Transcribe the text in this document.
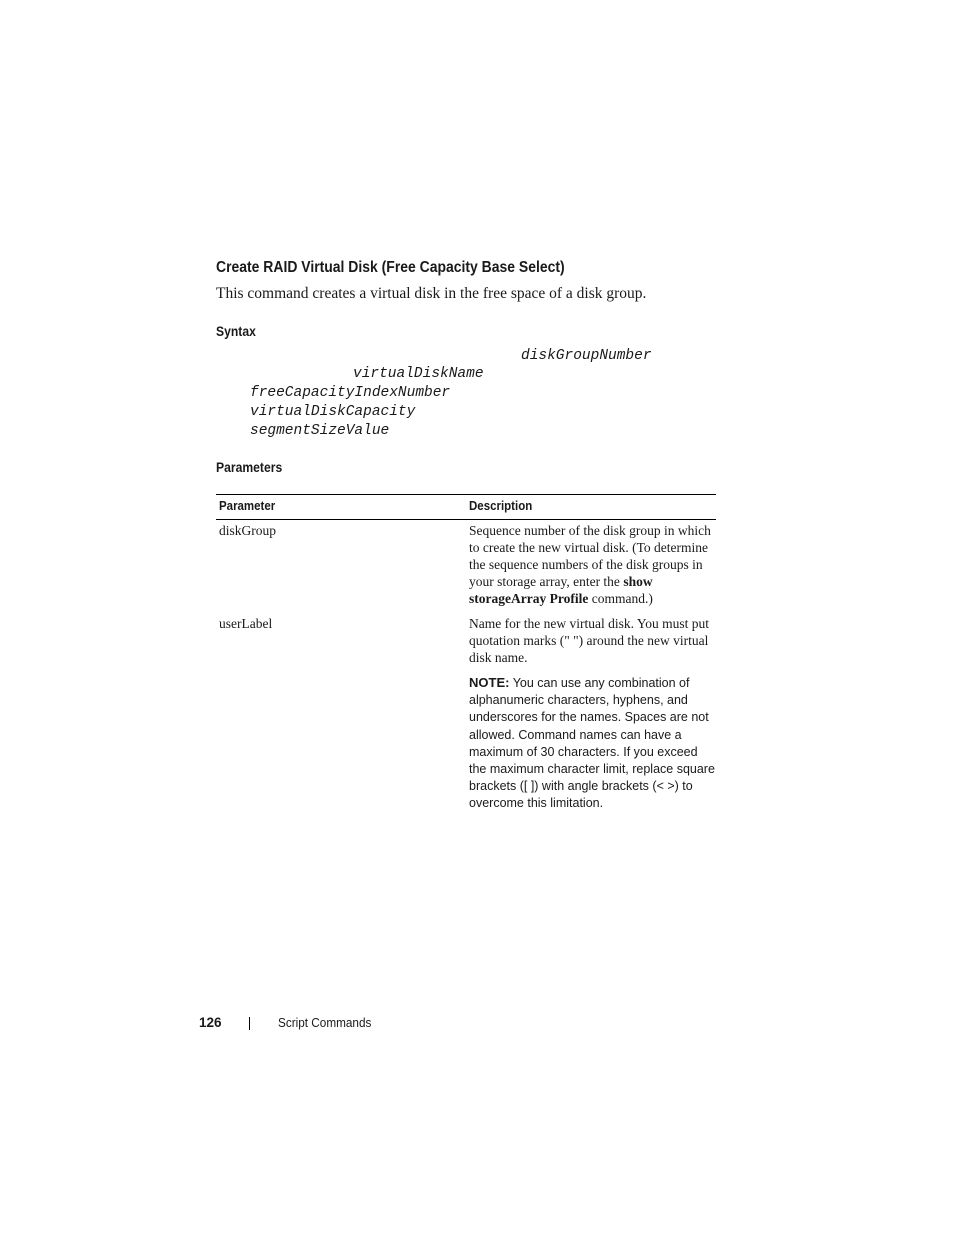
Create RAID Virtual Disk (Free Capacity Base Select)
This command creates a virtual disk in the free space of a disk group.
Syntax
diskGroupNumber
virtualDiskName
freeCapacityIndexNumber
virtualDiskCapacity
segmentSizeValue
Parameters
Parameter	Description
diskGroup	Sequence number of the disk group in which to create the new virtual disk. (To determine the sequence numbers of the disk groups in your storage array, enter the show storageArray Profile command.)
userLabel	Name for the new virtual disk. You must put quotation marks (" ") around the new virtual disk name.
NOTE: You can use any combination of alphanumeric characters, hyphens, and underscores for the names. Spaces are not allowed. Command names can have a maximum of 30 characters. If you exceed the maximum character limit, replace square brackets ([ ]) with angle brackets (< >) to overcome this limitation.
126	Script Commands
